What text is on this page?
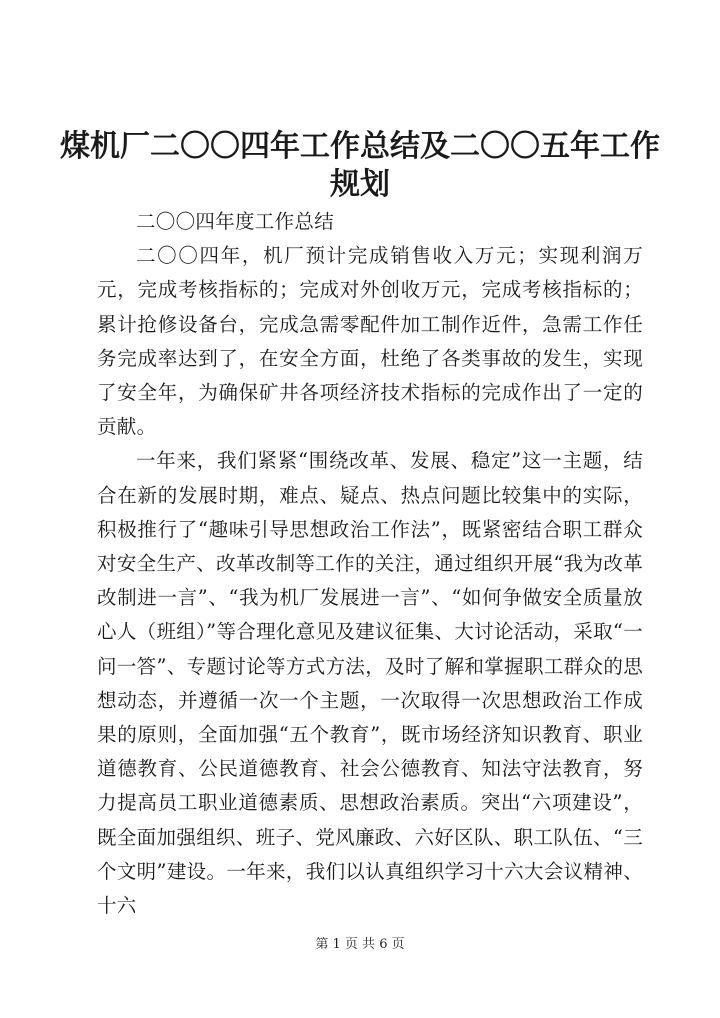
煤机厂二〇〇四年工作总结及二〇〇五年工作规划

二〇〇四年度工作总结

二〇〇四年，机厂预计完成销售收入万元；实现利润万元，完成考核指标的；完成对外创收万元，完成考核指标的；累计抢修设备台，完成急需零配件加工制作近件，急需工作任务完成率达到了，在安全方面，杜绝了各类事故的发生，实现了安全年，为确保矿井各项经济技术指标的完成作出了一定的贡献。

一年来，我们紧紧“围绕改革、发展、稳定”这一主题，结合在新的发展时期，难点、疑点、热点问题比较集中的实际，积极推行了“趣味引导思想政治工作法”，既紧密结合职工群众对安全生产、改革改制等工作的关注，通过组织开展“我为改革改制进一言”、“我为机厂发展进一言”、“如何争做安全质量放心人（班组）”等合理化意见及建议征集、大讨论活动，采取“一问一答”、专题讨论等方式方法，及时了解和掌握职工群众的思想动态，并遵循一次一个主题，一次取得一次思想政治工作成果的原则，全面加强“五个教育”，既市场经济知识教育、职业道德教育、公民道德教育、社会公德教育、知法守法教育，努力提高员工职业道德素质、思想政治素质。突出“六项建设”，既全面加强组织、班子、党风廉政、六好区队、职工队伍、“三个文明”建设。一年来，我们以认真组织学习十六大会议精神、十六

第 1 页 共 6 页
